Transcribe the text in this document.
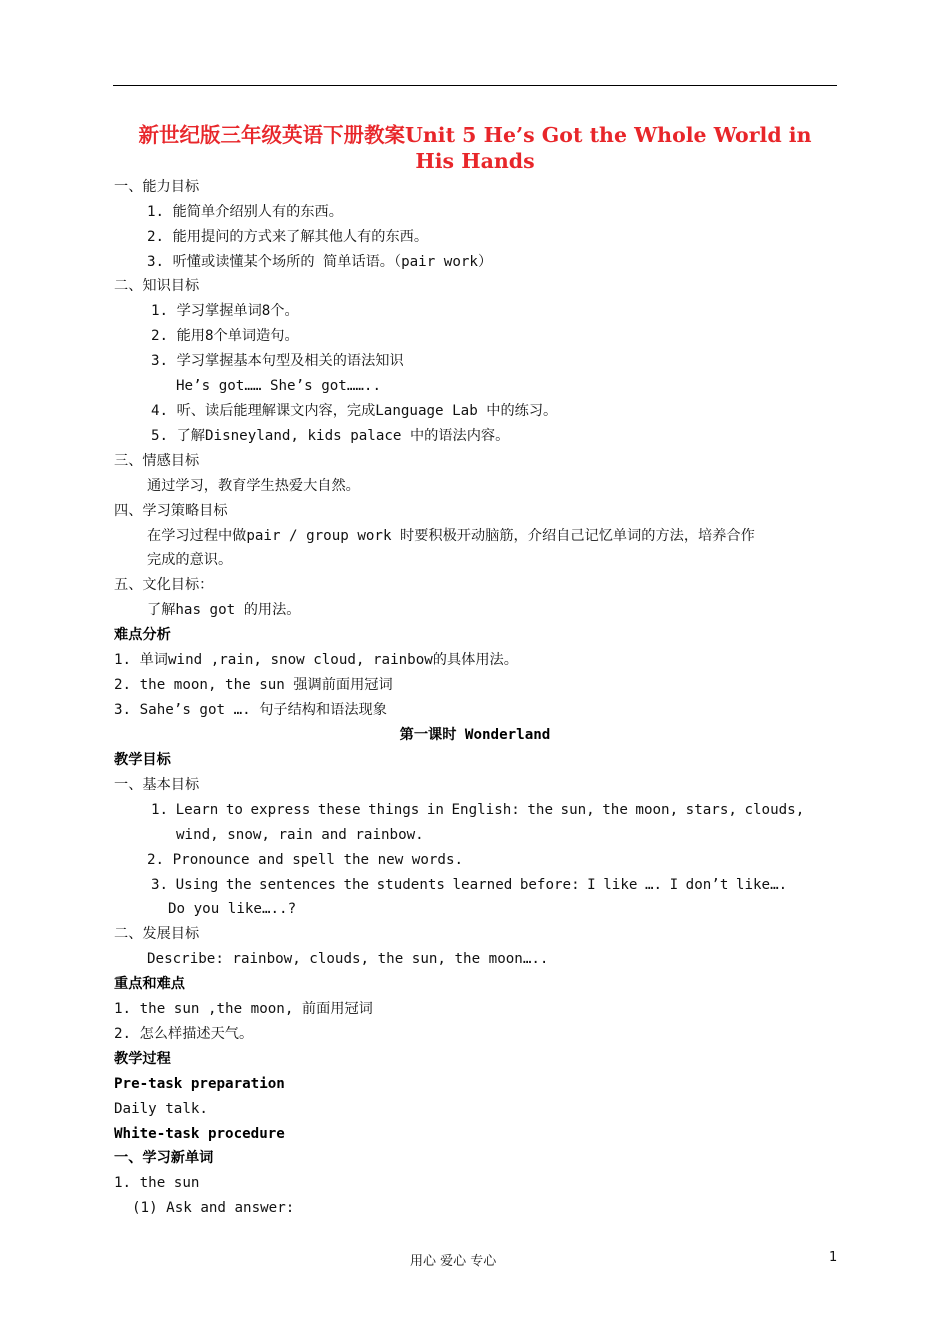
新世纪版三年级英语下册教案Unit 5 He’s Got the Whole World in
His Hands
一、能力目标
1. 能简单介绍别人有的东西。
2. 能用提问的方式来了解其他人有的东西。
3. 听懂或读懂某个场所的 简单话语。（pair work）
二、知识目标
1. 学习掌握单词8个。
2. 能用8个单词造句。
3. 学习掌握基本句型及相关的语法知识
He’s got…… She’s got……..
4. 听、读后能理解课文内容，完成Language Lab 中的练习。
5. 了解Disneyland, kids palace 中的语法内容。
三、情感目标
通过学习，教育学生热爱大自然。
四、学习策略目标
在学习过程中做pair / group work 时要积极开动脑筋，介绍自己记忆单词的方法，培养合作
完成的意识。
五、文化目标：
了解has got 的用法。
难点分析
1. 单词wind ,rain, snow cloud, rainbow的具体用法。
2. the moon, the sun 强调前面用冠词
3. Sahe’s got …. 句子结构和语法现象
第一课时 Wonderland
教学目标
一、基本目标
1. Learn to express these things in English: the sun, the moon, stars, clouds,
wind, snow, rain and rainbow.
2. Pronounce and spell the new words.
3. Using the sentences the students learned before: I like …. I don’t like….
Do you like…..?
二、发展目标
Describe: rainbow, clouds, the sun, the moon…..
重点和难点
1. the sun ,the moon, 前面用冠词
2. 怎么样描述天气。
教学过程
Pre-task preparation
Daily talk.
White-task procedure
一、学习新单词
1. the sun
(1) Ask and answer:
用心 爱心 专心	1
